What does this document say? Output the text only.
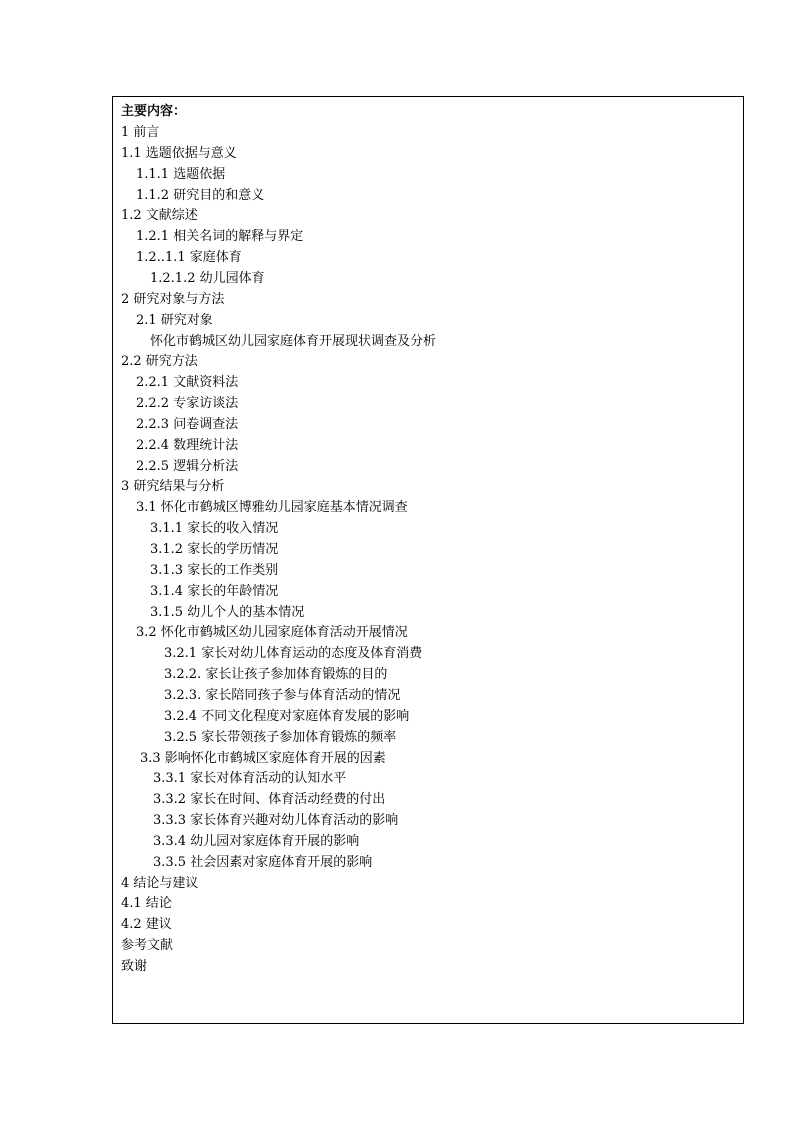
主要内容：
1 前言
1.1 选题依据与意义
1.1.1 选题依据
1.1.2 研究目的和意义
1.2 文献综述
1.2.1 相关名词的解释与界定
1.2..1.1 家庭体育
1.2.1.2 幼儿园体育
2 研究对象与方法
2.1 研究对象
怀化市鹤城区幼儿园家庭体育开展现状调查及分析
2.2 研究方法
2.2.1 文献资料法
2.2.2 专家访谈法
2.2.3 问卷调查法
2.2.4 数理统计法
2.2.5 逻辑分析法
3 研究结果与分析
3.1 怀化市鹤城区博雅幼儿园家庭基本情况调查
3.1.1 家长的收入情况
3.1.2 家长的学历情况
3.1.3 家长的工作类别
3.1.4 家长的年龄情况
3.1.5 幼儿个人的基本情况
3.2 怀化市鹤城区幼儿园家庭体育活动开展情况
3.2.1 家长对幼儿体育运动的态度及体育消费
3.2.2. 家长让孩子参加体育锻炼的目的
3.2.3. 家长陪同孩子参与体育活动的情况
3.2.4 不同文化程度对家庭体育发展的影响
3.2.5 家长带领孩子参加体育锻炼的频率
3.3 影响怀化市鹤城区家庭体育开展的因素
3.3.1 家长对体育活动的认知水平
3.3.2 家长在时间、体育活动经费的付出
3.3.3 家长体育兴趣对幼儿体育活动的影响
3.3.4 幼儿园对家庭体育开展的影响
3.3.5 社会因素对家庭体育开展的影响
4 结论与建议
4.1 结论
4.2 建议
参考文献
致谢
